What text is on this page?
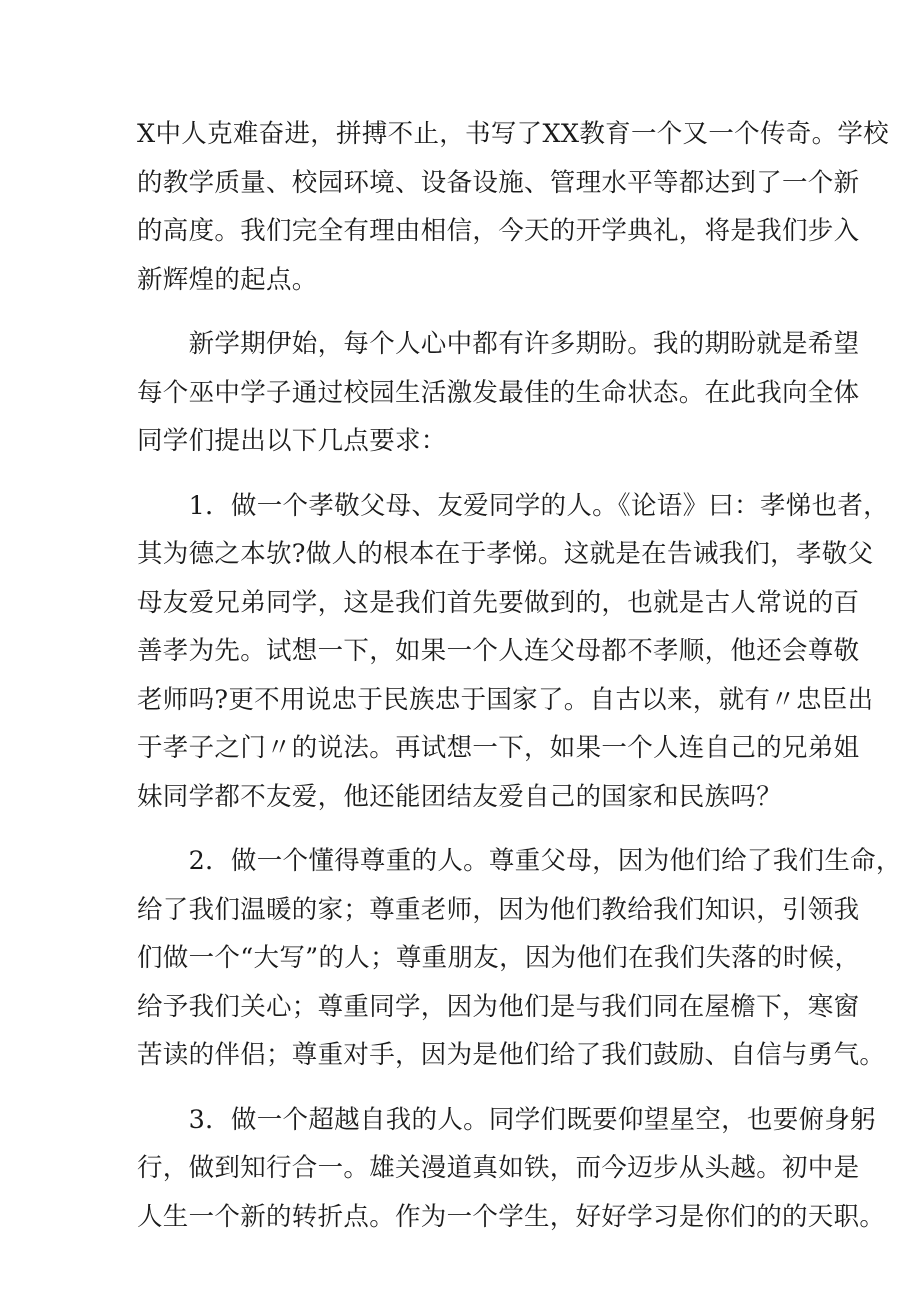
X中人克难奋进，拼搏不止，书写了XX教育一个又一个传奇。学校
的教学质量、校园环境、设备设施、管理水平等都达到了一个新
的高度。我们完全有理由相信，今天的开学典礼，将是我们步入
新辉煌的起点。
　　新学期伊始，每个人心中都有许多期盼。我的期盼就是希望
每个巫中学子通过校园生活激发最佳的生命状态。在此我向全体
同学们提出以下几点要求：
　　1．做一个孝敬父母、友爱同学的人。《论语》曰：孝悌也者，
其为德之本欤?做人的根本在于孝悌。这就是在告诫我们，孝敬父
母友爱兄弟同学，这是我们首先要做到的，也就是古人常说的百
善孝为先。试想一下，如果一个人连父母都不孝顺，他还会尊敬
老师吗?更不用说忠于民族忠于国家了。自古以来，就有〃忠臣出
于孝子之门〃的说法。再试想一下，如果一个人连自己的兄弟姐
妹同学都不友爱，他还能团结友爱自己的国家和民族吗？
　　2．做一个懂得尊重的人。尊重父母，因为他们给了我们生命，
给了我们温暖的家；尊重老师，因为他们教给我们知识，引领我
们做一个“大写”的人；尊重朋友，因为他们在我们失落的时候，
给予我们关心；尊重同学，因为他们是与我们同在屋檐下，寒窗
苦读的伴侣；尊重对手，因为是他们给了我们鼓励、自信与勇气。
　　3．做一个超越自我的人。同学们既要仰望星空，也要俯身躬
行，做到知行合一。雄关漫道真如铁，而今迈步从头越。初中是
人生一个新的转折点。作为一个学生，好好学习是你们的的天职。
